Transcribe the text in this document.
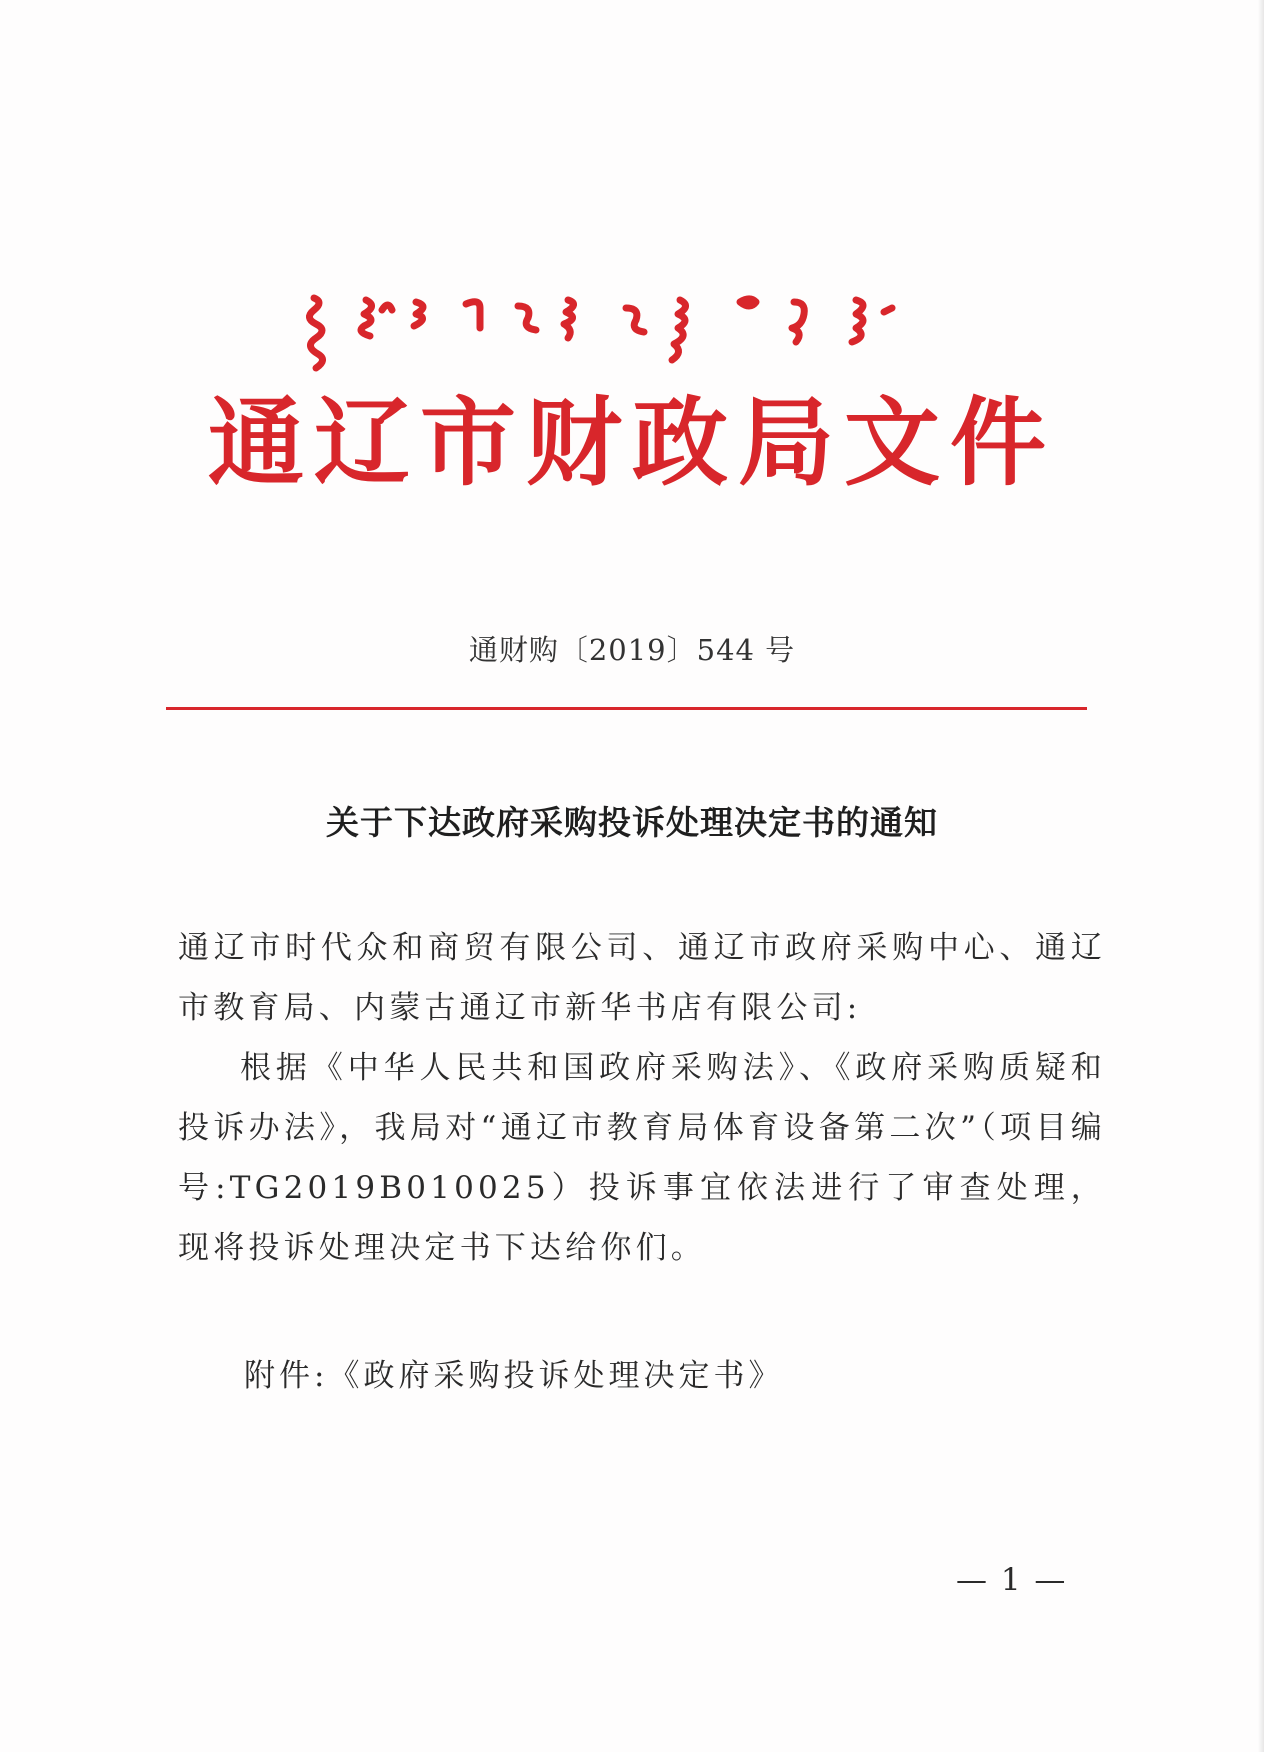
通辽市财政局文件
通财购〔2019〕544 号
关于下达政府采购投诉处理决定书的通知

通辽市时代众和商贸有限公司、通辽市政府采购中心、通辽市教育局、内蒙古通辽市新华书店有限公司:

根据《中华人民共和国政府采购法》、《政府采购质疑和投诉办法》，我局对“通辽市教育局体育设备第二次”（项目编号:TG2019B010025）投诉事宜依法进行了审查处理，现将投诉处理决定书下达给你们。

附件:《政府采购投诉处理决定书》
— 1 —
